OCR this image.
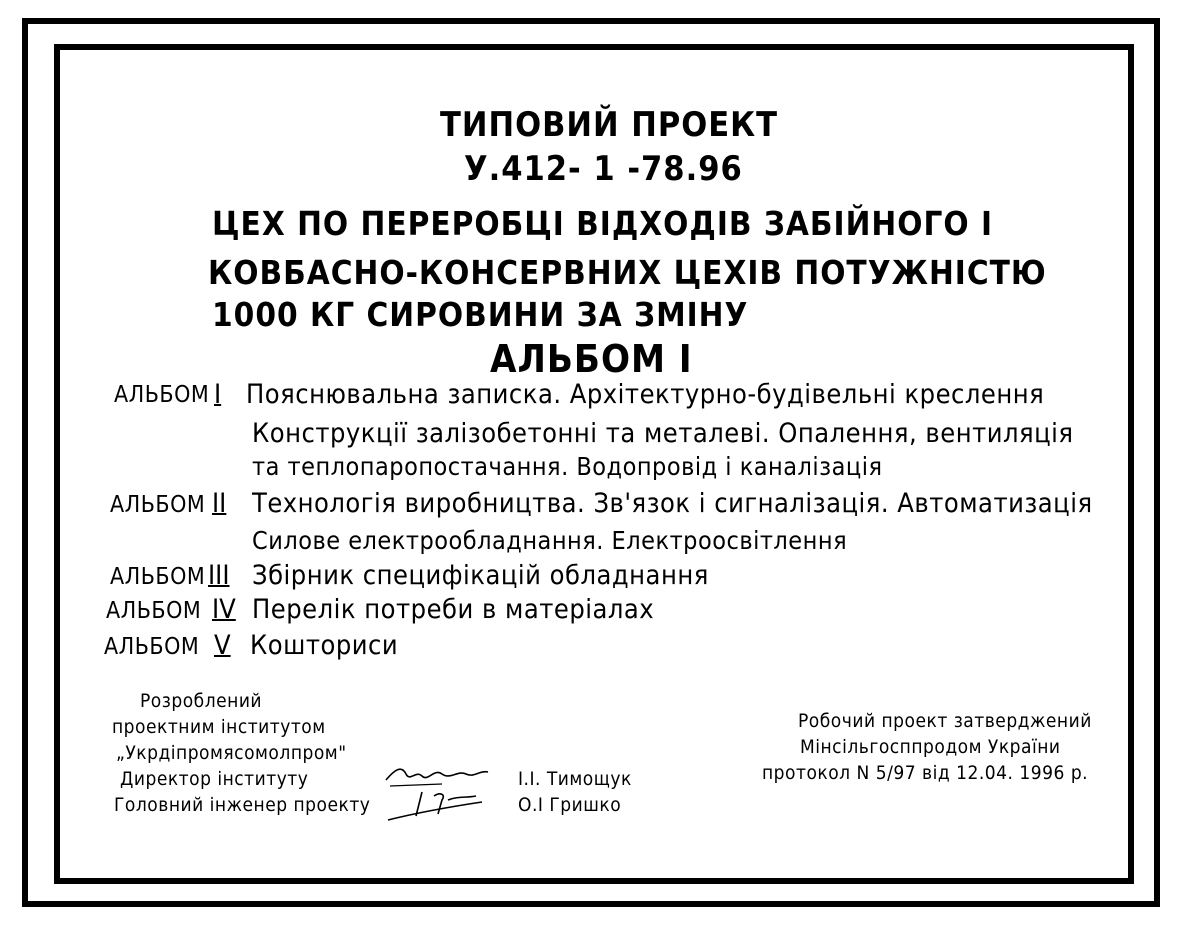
ТИПОВИЙ ПРОЕКТ
У.412- 1 -78.96
ЦЕХ ПО ПЕРЕРОБЦІ ВІДХОДІВ ЗАБІЙНОГО І
КОВБАСНО-КОНСЕРВНИХ ЦЕХІВ ПОТУЖНІСТЮ
1000 КГ СИРОВИНИ ЗА ЗМІНУ
АЛЬБОМ І
АЛЬБОМ І Пояснювальна записка. Архітектурно-будівельні креслення
Конструкції залізобетонні та металеві. Опалення, вентиляція
та теплопаропостачання. Водопровід і каналізація
АЛЬБОМ ІІ Технологія виробництва. Зв'язок і сигналізація. Автоматизація
Силове електрообладнання. Електроосвітлення
АЛЬБОМ ІІІ Збірник специфікацій обладнання
АЛЬБОМ ІV Перелік потреби в матеріалах
АЛЬБОМ V Кошториси
Розроблений
проектним інститутом
„Укрдіпромясомолпром"
Директор інституту
Головний інженер проекту
І.І. Тимощук
О.І Гришко
Робочий проект затверджений
Мінсільгосппродом України
протокол N 5/97 від 12.04. 1996 р.
